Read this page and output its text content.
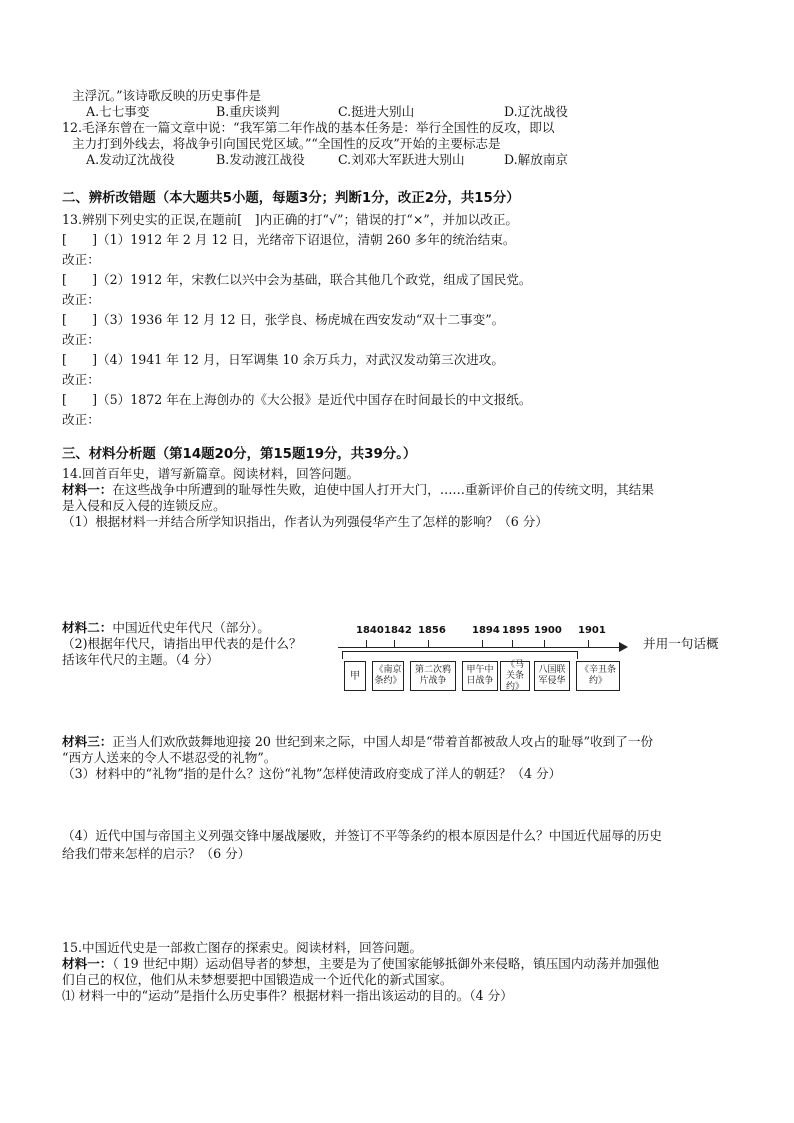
主浮沉。”该诗歌反映的历史事件是
A.七七事变	B.重庆谈判	C.挺进大别山	D.辽沈战役
12.毛泽东曾在一篇文章中说：“我军第二年作战的基本任务是：举行全国性的反攻，即以
主力打到外线去，将战争引向国民党区域。”“全国性的反攻”开始的主要标志是
A.发动辽沈战役	B.发动渡江战役	C.刘邓大军跃进大别山	D.解放南京
二、辨析改错题（本大题共5小题，每题3分；判断1分，改正2分，共15分）
13.辨别下列史实的正误,在题前[　]内正确的打“√”；错误的打“×”，并加以改正。
[　　]（1）1912 年 2 月 12 日，光绪帝下诏退位，清朝 260 多年的统治结束。
改正：
[　　]（2）1912 年，宋教仁以兴中会为基础，联合其他几个政党，组成了国民党。
改正：
[　　]（3）1936 年 12 月 12 日，张学良、杨虎城在西安发动“双十二事变”。
改正：
[　　]（4）1941 年 12 月，日军调集 10 余万兵力，对武汉发动第三次进攻。
改正：
[　　]（5）1872 年在上海创办的《大公报》是近代中国存在时间最长的中文报纸。
改正：
三、材料分析题（第14题20分，第15题19分，共39分。）
14.回首百年史，谱写新篇章。阅读材料，回答问题。
材料一：在这些战争中所遭到的耻辱性失败，迫使中国人打开大门，……重新评价自己的传统文明，其结果
是入侵和反入侵的连锁反应。
（1）根据材料一并结合所学知识指出，作者认为列强侵华产生了怎样的影响？（6 分）
材料二：中国近代史年代尺（部分）。
（2)根据年代尺，请指出甲代表的是什么？	并用一句话概
括该年代尺的主题。（4 分）
1840 1842 1856	1894 1895 1900 1901
甲
《南京条约》
第二次鸦片战争
甲午中日战争
《马关条约》
八国联军侵华
《辛丑条约》
材料三：正当人们欢欣鼓舞地迎接 20 世纪到来之际，中国人却是“带着首都被敌人攻占的耻辱”收到了一份
“西方人送来的令人不堪忍受的礼物”。
（3）材料中的“礼物”指的是什么？这份“礼物”怎样使清政府变成了洋人的朝廷？（4 分）
（4）近代中国与帝国主义列强交锋中屡战屡败，并签订不平等条约的根本原因是什么？中国近代屈辱的历史
给我们带来怎样的启示？（6 分）
15.中国近代史是一部救亡图存的探索史。阅读材料，回答问题。
材料一：（ 19 世纪中期）运动倡导者的梦想，主要是为了使国家能够抵御外来侵略，镇压国内动荡并加强他
们自己的权位，他们从未梦想要把中国锻造成一个近代化的新式国家。
⑴ 材料一中的“运动”是指什么历史事件？根据材料一指出该运动的目的。（4 分）
